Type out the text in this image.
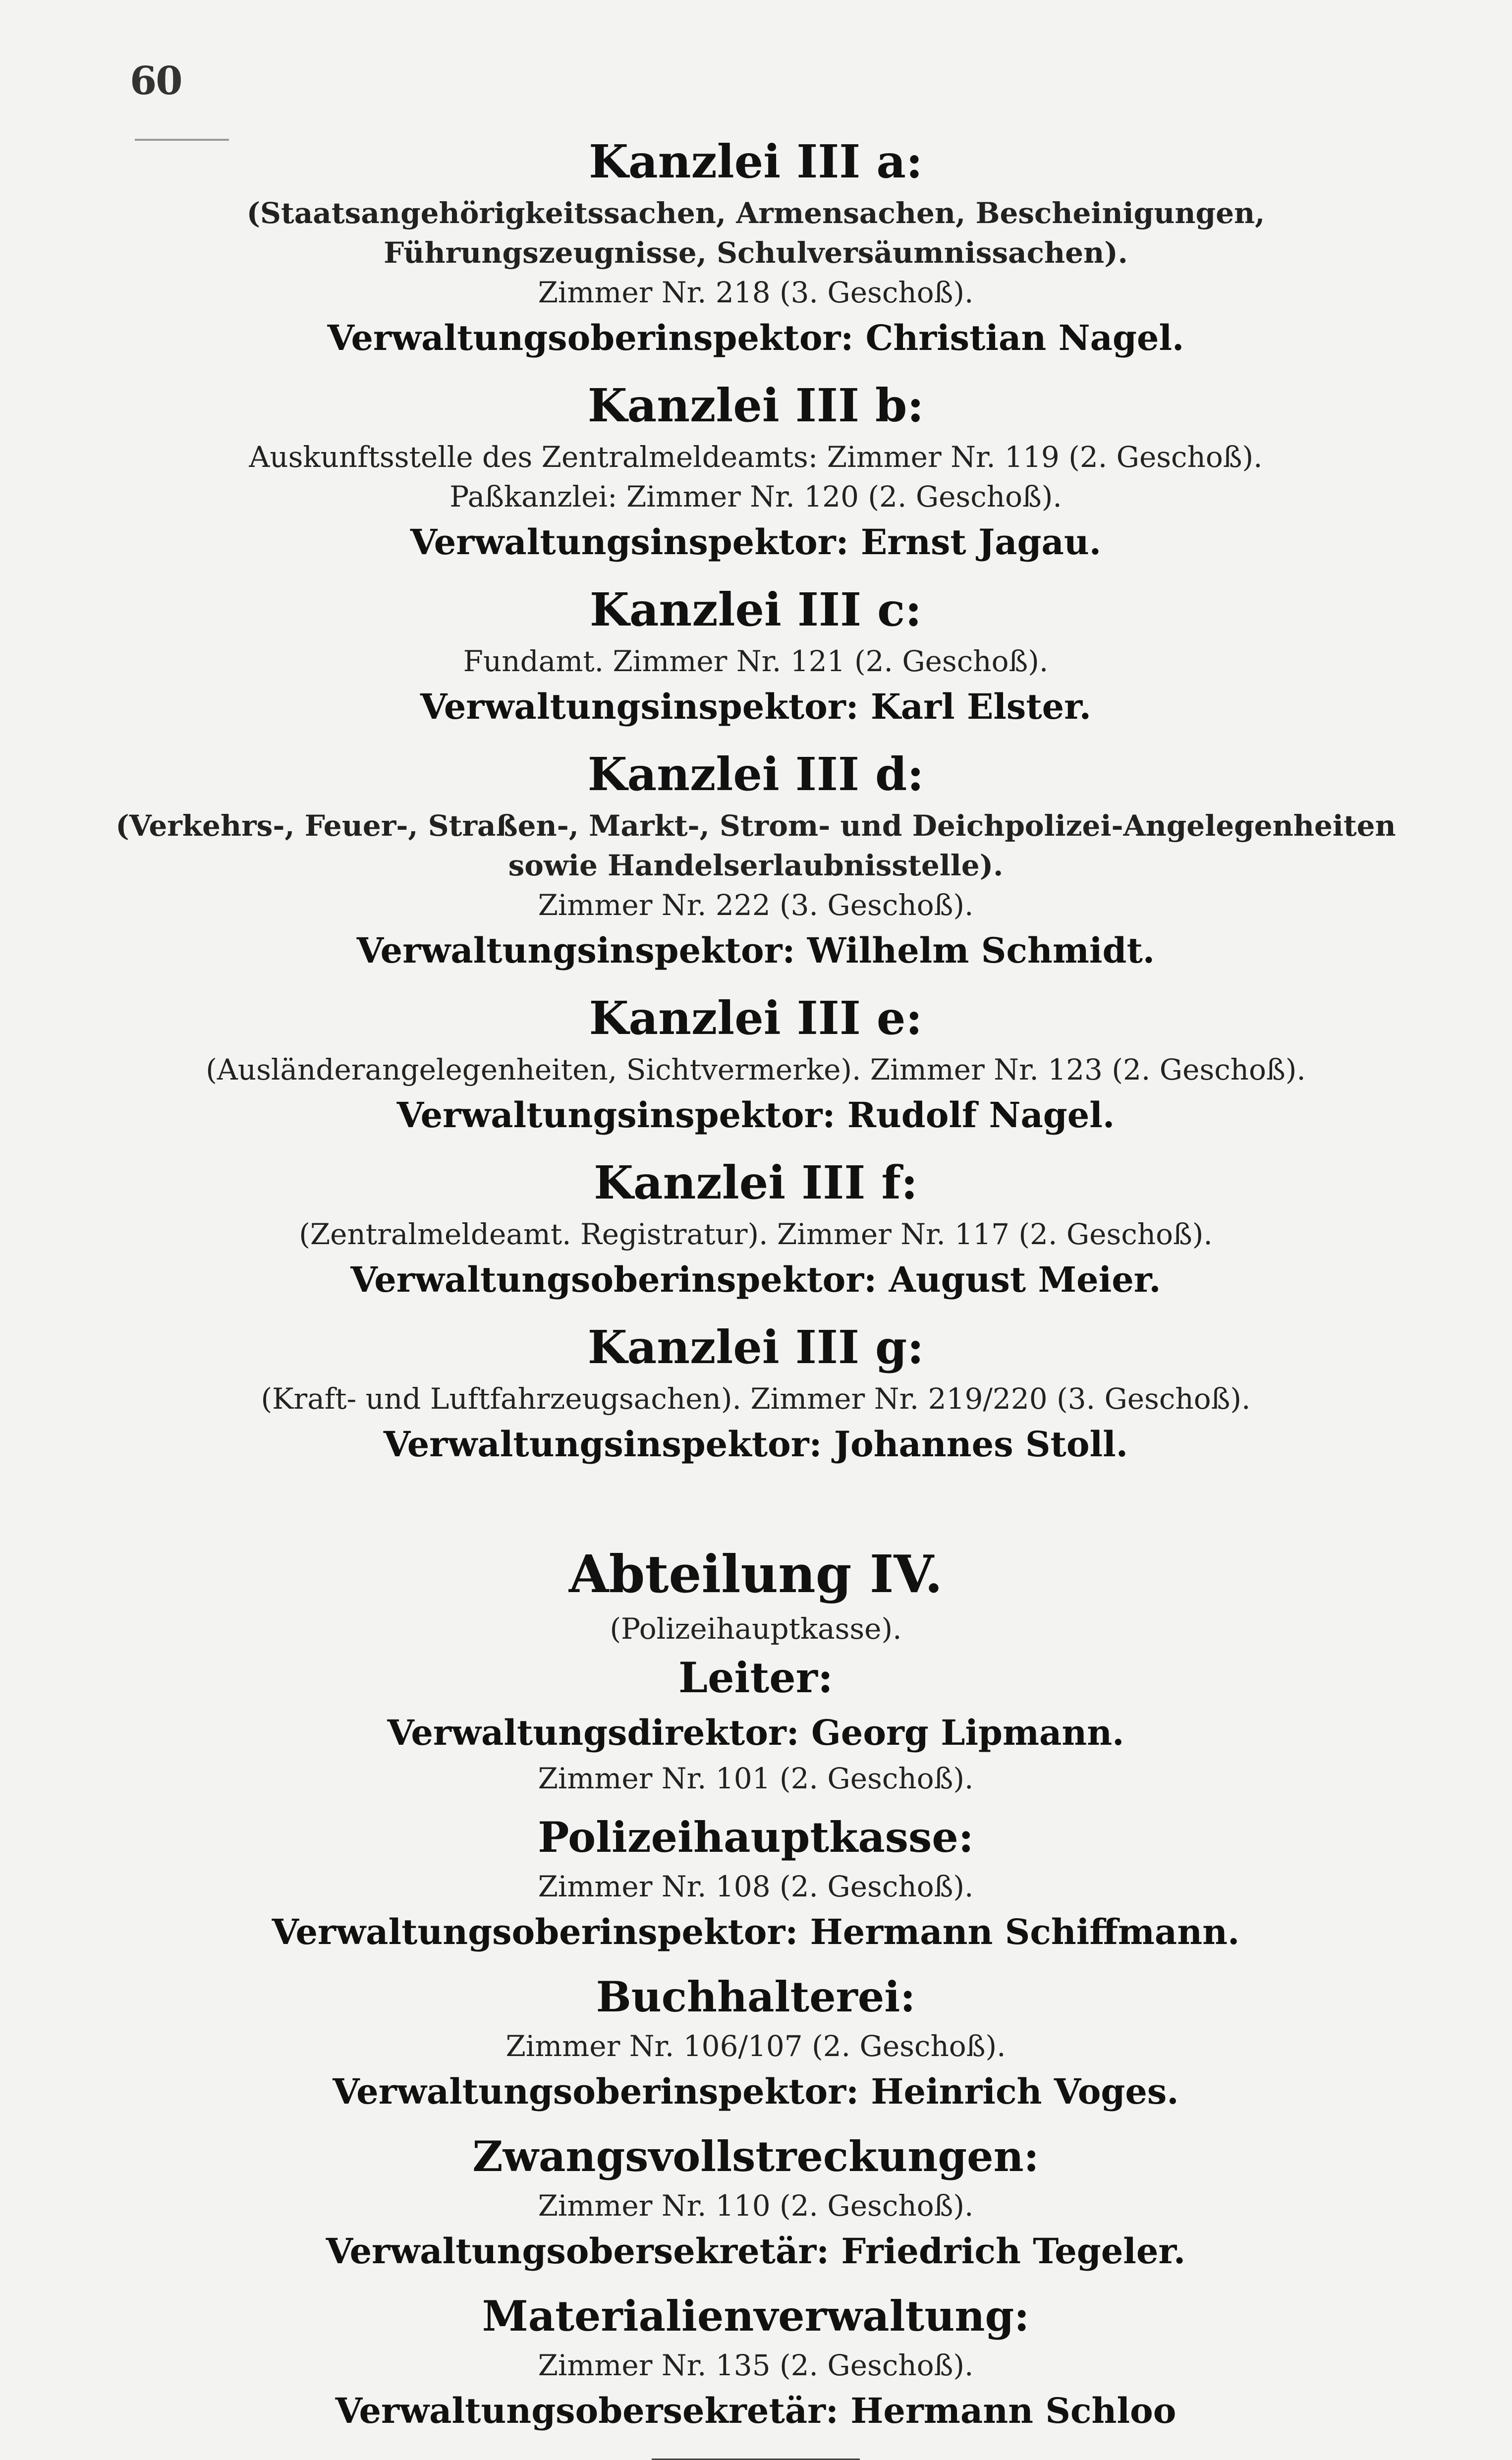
60
Kanzlei III a:
(Staatsangehörigkeitssachen, Armensachen, Bescheinigungen, Führungszeugnisse, Schulversäumnissachen).
Zimmer Nr. 218 (3. Geschoß).
Verwaltungsoberinspektor: Christian Nagel.
Kanzlei III b:
Auskunftsstelle des Zentralmeldeamts: Zimmer Nr. 119 (2. Geschoß).
Paßkanzlei: Zimmer Nr. 120 (2. Geschoß).
Verwaltungsinspektor: Ernst Jagau.
Kanzlei III c:
Fundamt. Zimmer Nr. 121 (2. Geschoß).
Verwaltungsinspektor: Karl Elster.
Kanzlei III d:
(Verkehrs-, Feuer-, Straßen-, Markt-, Strom- und Deichpolizei-Angelegenheiten sowie Handelserlaubnisstelle).
Zimmer Nr. 222 (3. Geschoß).
Verwaltungsinspektor: Wilhelm Schmidt.
Kanzlei III e:
(Ausländerangelegenheiten, Sichtvermerke). Zimmer Nr. 123 (2. Geschoß).
Verwaltungsinspektor: Rudolf Nagel.
Kanzlei III f:
(Zentralmeldeamt. Registratur). Zimmer Nr. 117 (2. Geschoß).
Verwaltungsoberinspektor: August Meier.
Kanzlei III g:
(Kraft- und Luftfahrzeugsachen). Zimmer Nr. 219/220 (3. Geschoß).
Verwaltungsinspektor: Johannes Stoll.
Abteilung IV.
(Polizeihauptkasse).
Leiter:
Verwaltungsdirektor: Georg Lipmann.
Zimmer Nr. 101 (2. Geschoß).
Polizeihauptkasse:
Zimmer Nr. 108 (2. Geschoß).
Verwaltungsoberinspektor: Hermann Schiffmann.
Buchhalterei:
Zimmer Nr. 106/107 (2. Geschoß).
Verwaltungsoberinspektor: Heinrich Voges.
Zwangsvollstreckungen:
Zimmer Nr. 110 (2. Geschoß).
Verwaltungsobersekretär: Friedrich Tegeler.
Materialienverwaltung:
Zimmer Nr. 135 (2. Geschoß).
Verwaltungsobersekretär: Hermann Schloo
